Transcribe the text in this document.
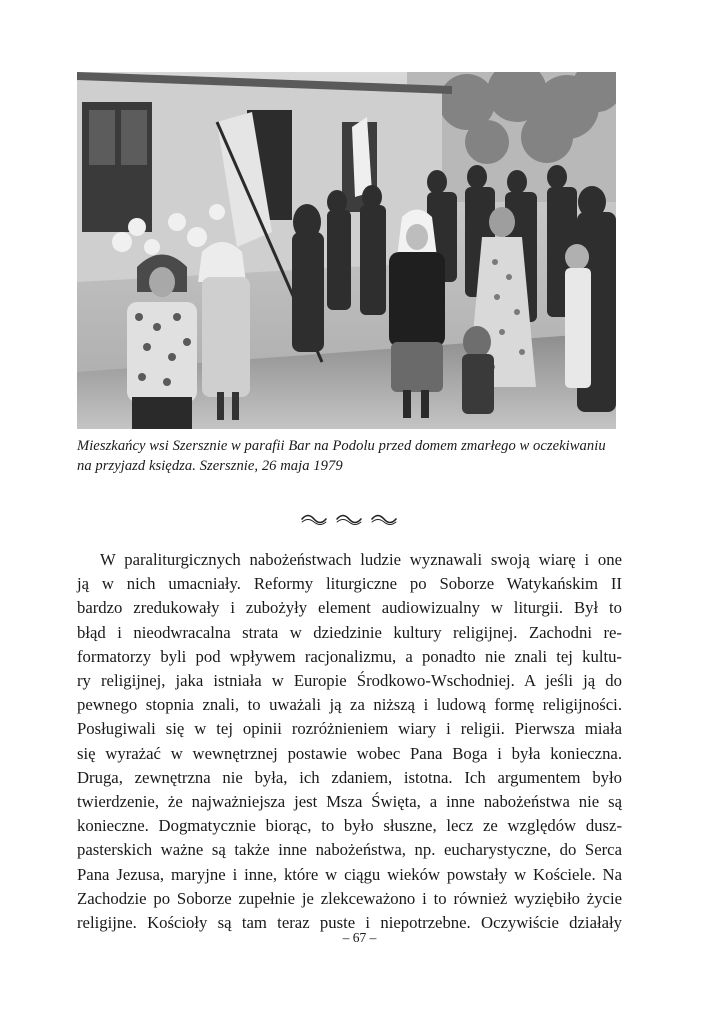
Mieszkańcy wsi Szersznie w parafii Bar na Podolu przed domem zmarłego w oczekiwaniu
na przyjazd księdza. Szersznie, 26 maja 1979
W paraliturgicznych nabożeństwach ludzie wyznawali swoją wiarę i one
ją w nich umacniały. Reformy liturgiczne po Soborze Watykańskim II
bardzo zredukowały i zubożyły element audiowizualny w liturgii. Był to
błąd i nieodwracalna strata w dziedzinie kultury religijnej. Zachodni re-
formatorzy byli pod wpływem racjonalizmu, a ponadto nie znali tej kultu-
ry religijnej, jaka istniała w Europie Środkowo-Wschodniej. A jeśli ją do
pewnego stopnia znali, to uważali ją za niższą i ludową formę religijności.
Posługiwali się w tej opinii rozróżnieniem wiary i religii. Pierwsza miała
się wyrażać w wewnętrznej postawie wobec Pana Boga i była konieczna.
Druga, zewnętrzna nie była, ich zdaniem, istotna. Ich argumentem było
twierdzenie, że najważniejsza jest Msza Święta, a inne nabożeństwa nie są
konieczne. Dogmatycznie biorąc, to było słuszne, lecz ze względów dusz-
pasterskich ważne są także inne nabożeństwa, np. eucharystyczne, do Serca
Pana Jezusa, maryjne i inne, które w ciągu wieków powstały w Kościele. Na
Zachodzie po Soborze zupełnie je zlekceważono i to również wyziębiło życie
religijne. Kościoły są tam teraz puste i niepotrzebne. Oczywiście działały
– 67 –
